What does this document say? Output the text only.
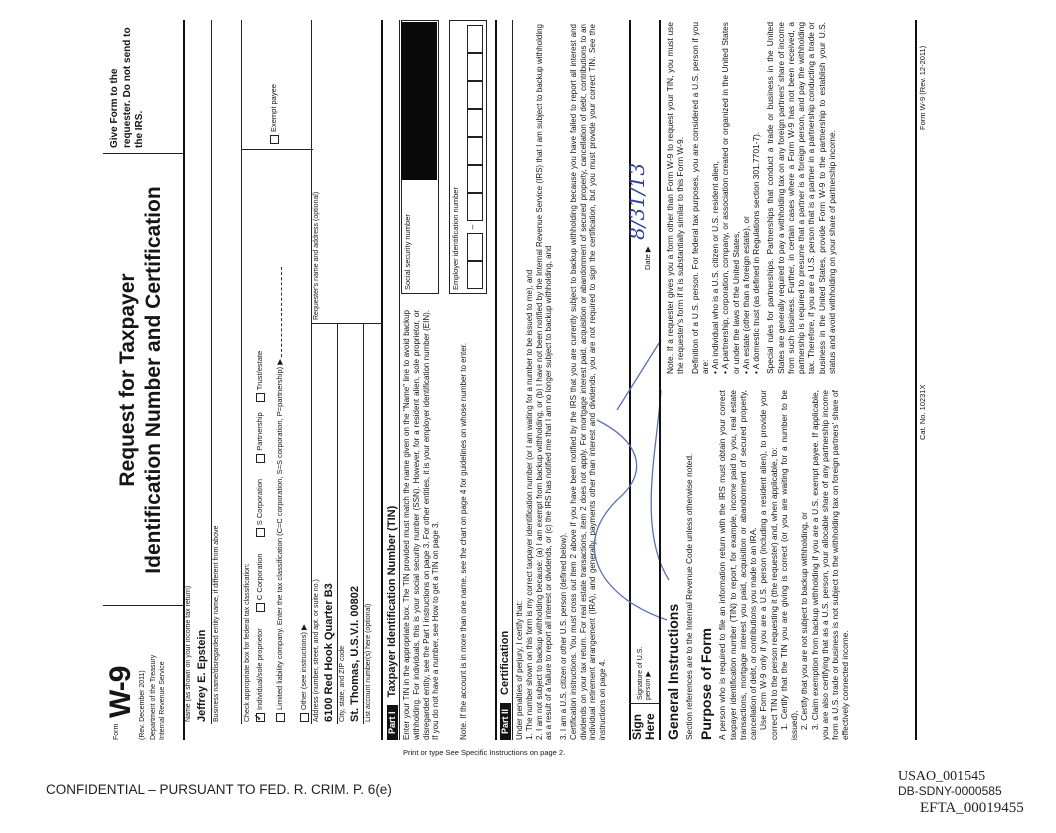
Form
W-9 (Rev. December 2011) Department of the Treasury Internal Revenue Service
Request for Taxpayer Identification Number and Certification
Give Form to the requester. Do not send to the IRS.
Print or type See Specific Instructions on page 2.
Name (as shown on your income tax return) Jeffrey E. Epstein Business name/disregarded entity name, if different from above	Check appropriate box for federal tax classification:
✓ Individual/sole proprietor  C Corporation  S Corporation  Partnership  Trust/estate
Exempt payee
Limited liability company. Enter the tax classification (C=C corporation, S=S corporation, P=partnership) ▶ Other (see instructions) ▶ Address (number, street, and apt. or suite no.) 6100 Red Hook Quarter B3
Requester's name and address (optional)
City, state, and ZIP code St. Thomas, U.S.V.I. 00802 List account number(s) here (optional)
Part ITaxpayer Identification Number (TIN) Enter your TIN in the appropriate box. The TIN provided must match the name given on the "Name" line to avoid backup withholding. For individuals, this is your social security number (SSN). However, for a resident alien, sole proprietor, or disregarded entity, see the Part I instructions on page 3. For other entities, it is your employer identification number (EIN). If you do not have a number, see How to get a TIN on page 3. Note. If the account is in more than one name, see the chart on page 4 for guidelines on whose number to enter.
Social security number	Employer identification number –
Part IICertification Under penalties of perjury, I certify that: 1. The number shown on this form is my correct taxpayer identification number (or I am waiting for a number to be issued to me), and 2. I am not subject to backup withholding because: (a) I am exempt from backup withholding, or (b) I have not been notified by the Internal Revenue Service (IRS) that I am subject to backup withholding as a result of a failure to report all interest or dividends, or (c) the IRS has notified me that I am no longer subject to backup withholding, and 3. I am a U.S. citizen or other U.S. person (defined below). Certification instructions. You must cross out item 2 above if you have been notified by the IRS that you are currently subject to backup withholding because you have failed to report all interest and dividends on your tax return. For real estate transactions, item 2 does not apply. For mortgage interest paid, acquisition or abandonment of secured property, cancellation of debt, contributions to an individual retirement arrangement (IRA), and generally, payments other than interest and dividends, you are not required to sign the certification, but you must provide your correct TIN. See the instructions on page 4. Sign
Here
Signature of U.S. person ▶
Date ▶
8/31/13
General Instructions Section references are to the Internal Revenue Code unless otherwise noted. Purpose of Form A person who is required to file an information return with the IRS must obtain your correct taxpayer identification number (TIN) to report, for example, income paid to you, real estate transactions, mortgage interest you paid, acquisition or abandonment of secured property, cancellation of debt, or contributions you made to an IRA. Use Form W-9 only if you are a U.S. person (including a resident alien), to provide your correct TIN to the person requesting it (the requester) and, when applicable, to: 1. Certify that the TIN you are giving is correct (or you are waiting for a number to be issued), 2. Certify that you are not subject to backup withholding, or 3. Claim exemption from backup withholding if you are a U.S. exempt payee. If applicable, you are also certifying that as a U.S. person, your allocable share of any partnership income from a U.S. trade or business is not subject to the withholding tax on foreign partners' share of effectively connected income.
Note. If a requester gives you a form other than Form W-9 to request your TIN, you must use the requester's form if it is substantially similar to this Form W-9. Definition of a U.S. person. For federal tax purposes, you are considered a U.S. person if you are: • An individual who is a U.S. citizen or U.S. resident alien, • A partnership, corporation, company, or association created or organized in the United States or under the laws of the United States, • An estate (other than a foreign estate), or • A domestic trust (as defined in Regulations section 301.7701-7). Special rules for partnerships. Partnerships that conduct a trade or business in the United States are generally required to pay a withholding tax on any foreign partners' share of income from such business. Further, in certain cases where a Form W-9 has not been received, a partnership is required to presume that a partner is a foreign person, and pay the withholding tax. Therefore, if you are a U.S. person that is a partner in a partnership conducting a trade or business in the United States, provide Form W-9 to the partnership to establish your U.S. status and avoid withholding on your share of partnership income.
Cat. No. 10231X
Form W-9 (Rev. 12-2011)
CONFIDENTIAL – PURSUANT TO FED. R. CRIM. P. 6(e)
USAO_001545
DB-SDNY-0000585
EFTA_00019455
